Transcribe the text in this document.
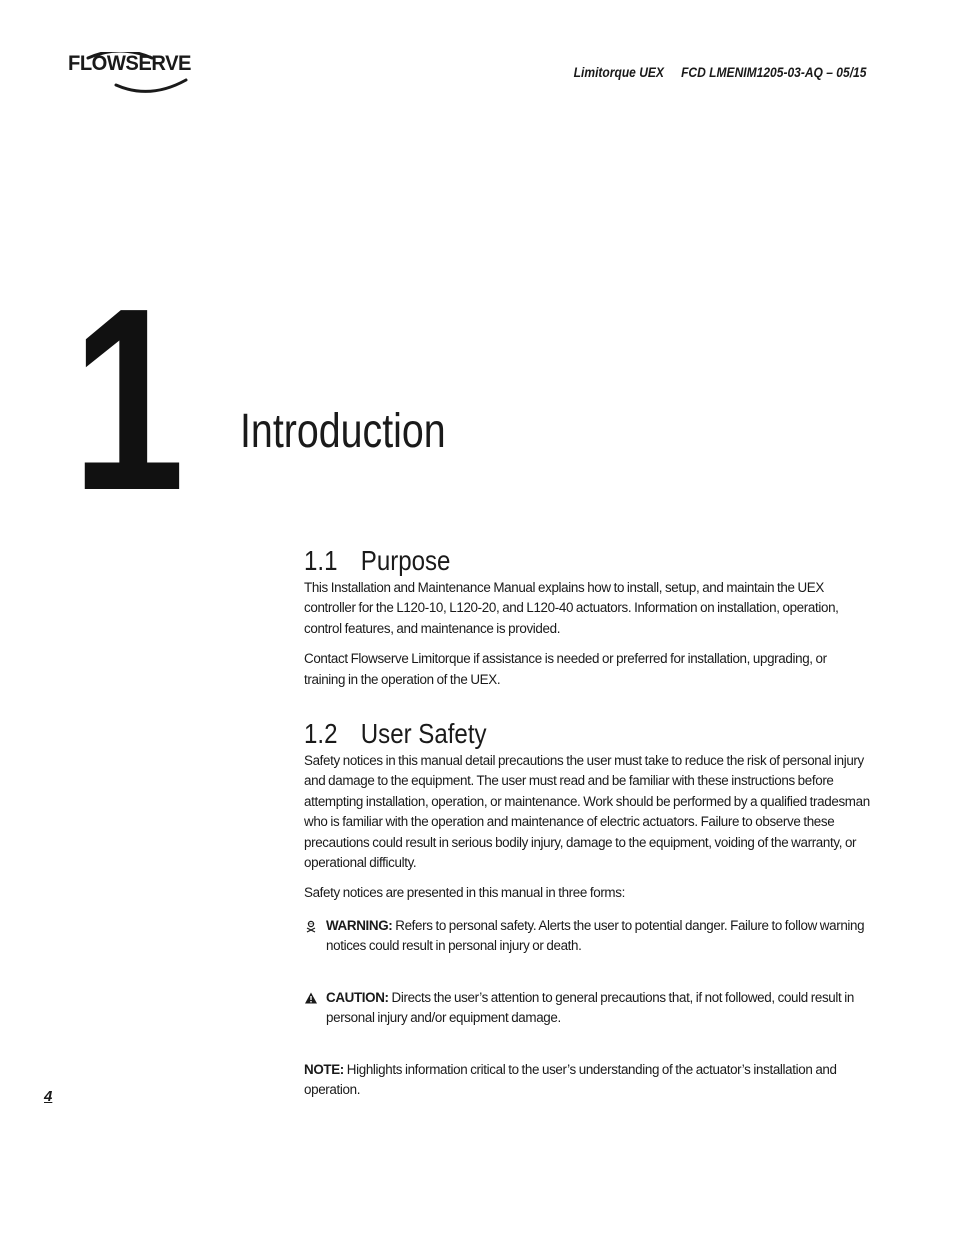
FLOWSERVE	Limitorque UEX FCD LMENIM1205-03-AQ – 05/15
1 Introduction
1.1 Purpose

This Installation and Maintenance Manual explains how to install, setup, and maintain the UEX controller for the L120-10, L120-20, and L120-40 actuators. Information on installation, operation, control features, and maintenance is provided.

Contact Flowserve Limitorque if assistance is needed or preferred for installation, upgrading, or training in the operation of the UEX.

1.2 User Safety

Safety notices in this manual detail precautions the user must take to reduce the risk of personal injury and damage to the equipment. The user must read and be familiar with these instructions before attempting installation, operation, or maintenance. Work should be performed by a qualified tradesman who is familiar with the operation and maintenance of electric actuators. Failure to observe these precautions could result in serious bodily injury, damage to the equipment, voiding of the warranty, or operational difficulty.

Safety notices are presented in this manual in three forms:

WARNING: Refers to personal safety. Alerts the user to potential danger. Failure to follow warning notices could result in personal injury or death.
CAUTION: Directs the user’s attention to general precautions that, if not followed, could result in personal injury and/or equipment damage.
NOTE: Highlights information critical to the user’s understanding of the actuator’s installation and operation.
4
